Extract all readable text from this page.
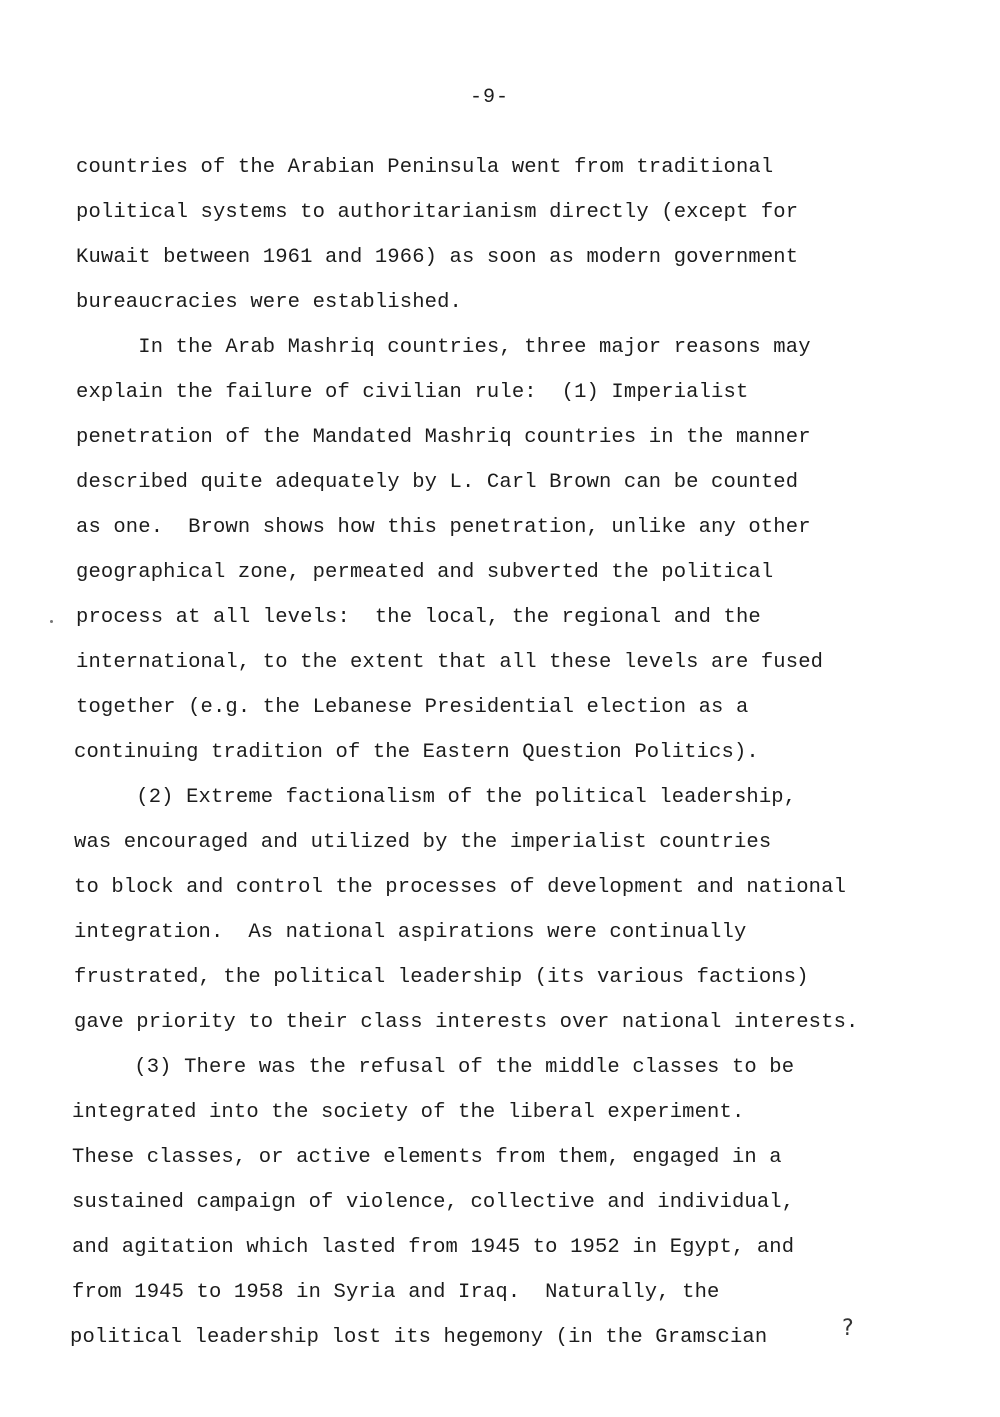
-9-
countries of the Arabian Peninsula went from traditional
political systems to authoritarianism directly (except for
Kuwait between 1961 and 1966) as soon as modern government
bureaucracies were established.
In the Arab Mashriq countries, three major reasons may
explain the failure of civilian rule:  (1) Imperialist
penetration of the Mandated Mashriq countries in the manner
described quite adequately by L. Carl Brown can be counted
as one.  Brown shows how this penetration, unlike any other
geographical zone, permeated and subverted the political
process at all levels:  the local, the regional and the
international, to the extent that all these levels are fused
together (e.g. the Lebanese Presidential election as a
continuing tradition of the Eastern Question Politics).
(2) Extreme factionalism of the political leadership,
was encouraged and utilized by the imperialist countries
to block and control the processes of development and national
integration.  As national aspirations were continually
frustrated, the political leadership (its various factions)
gave priority to their class interests over national interests.
(3) There was the refusal of the middle classes to be
integrated into the society of the liberal experiment.
These classes, or active elements from them, engaged in a
sustained campaign of violence, collective and individual,
and agitation which lasted from 1945 to 1952 in Egypt, and
from 1945 to 1958 in Syria and Iraq.  Naturally, the
political leadership lost its hegemony (in the Gramscian	?
